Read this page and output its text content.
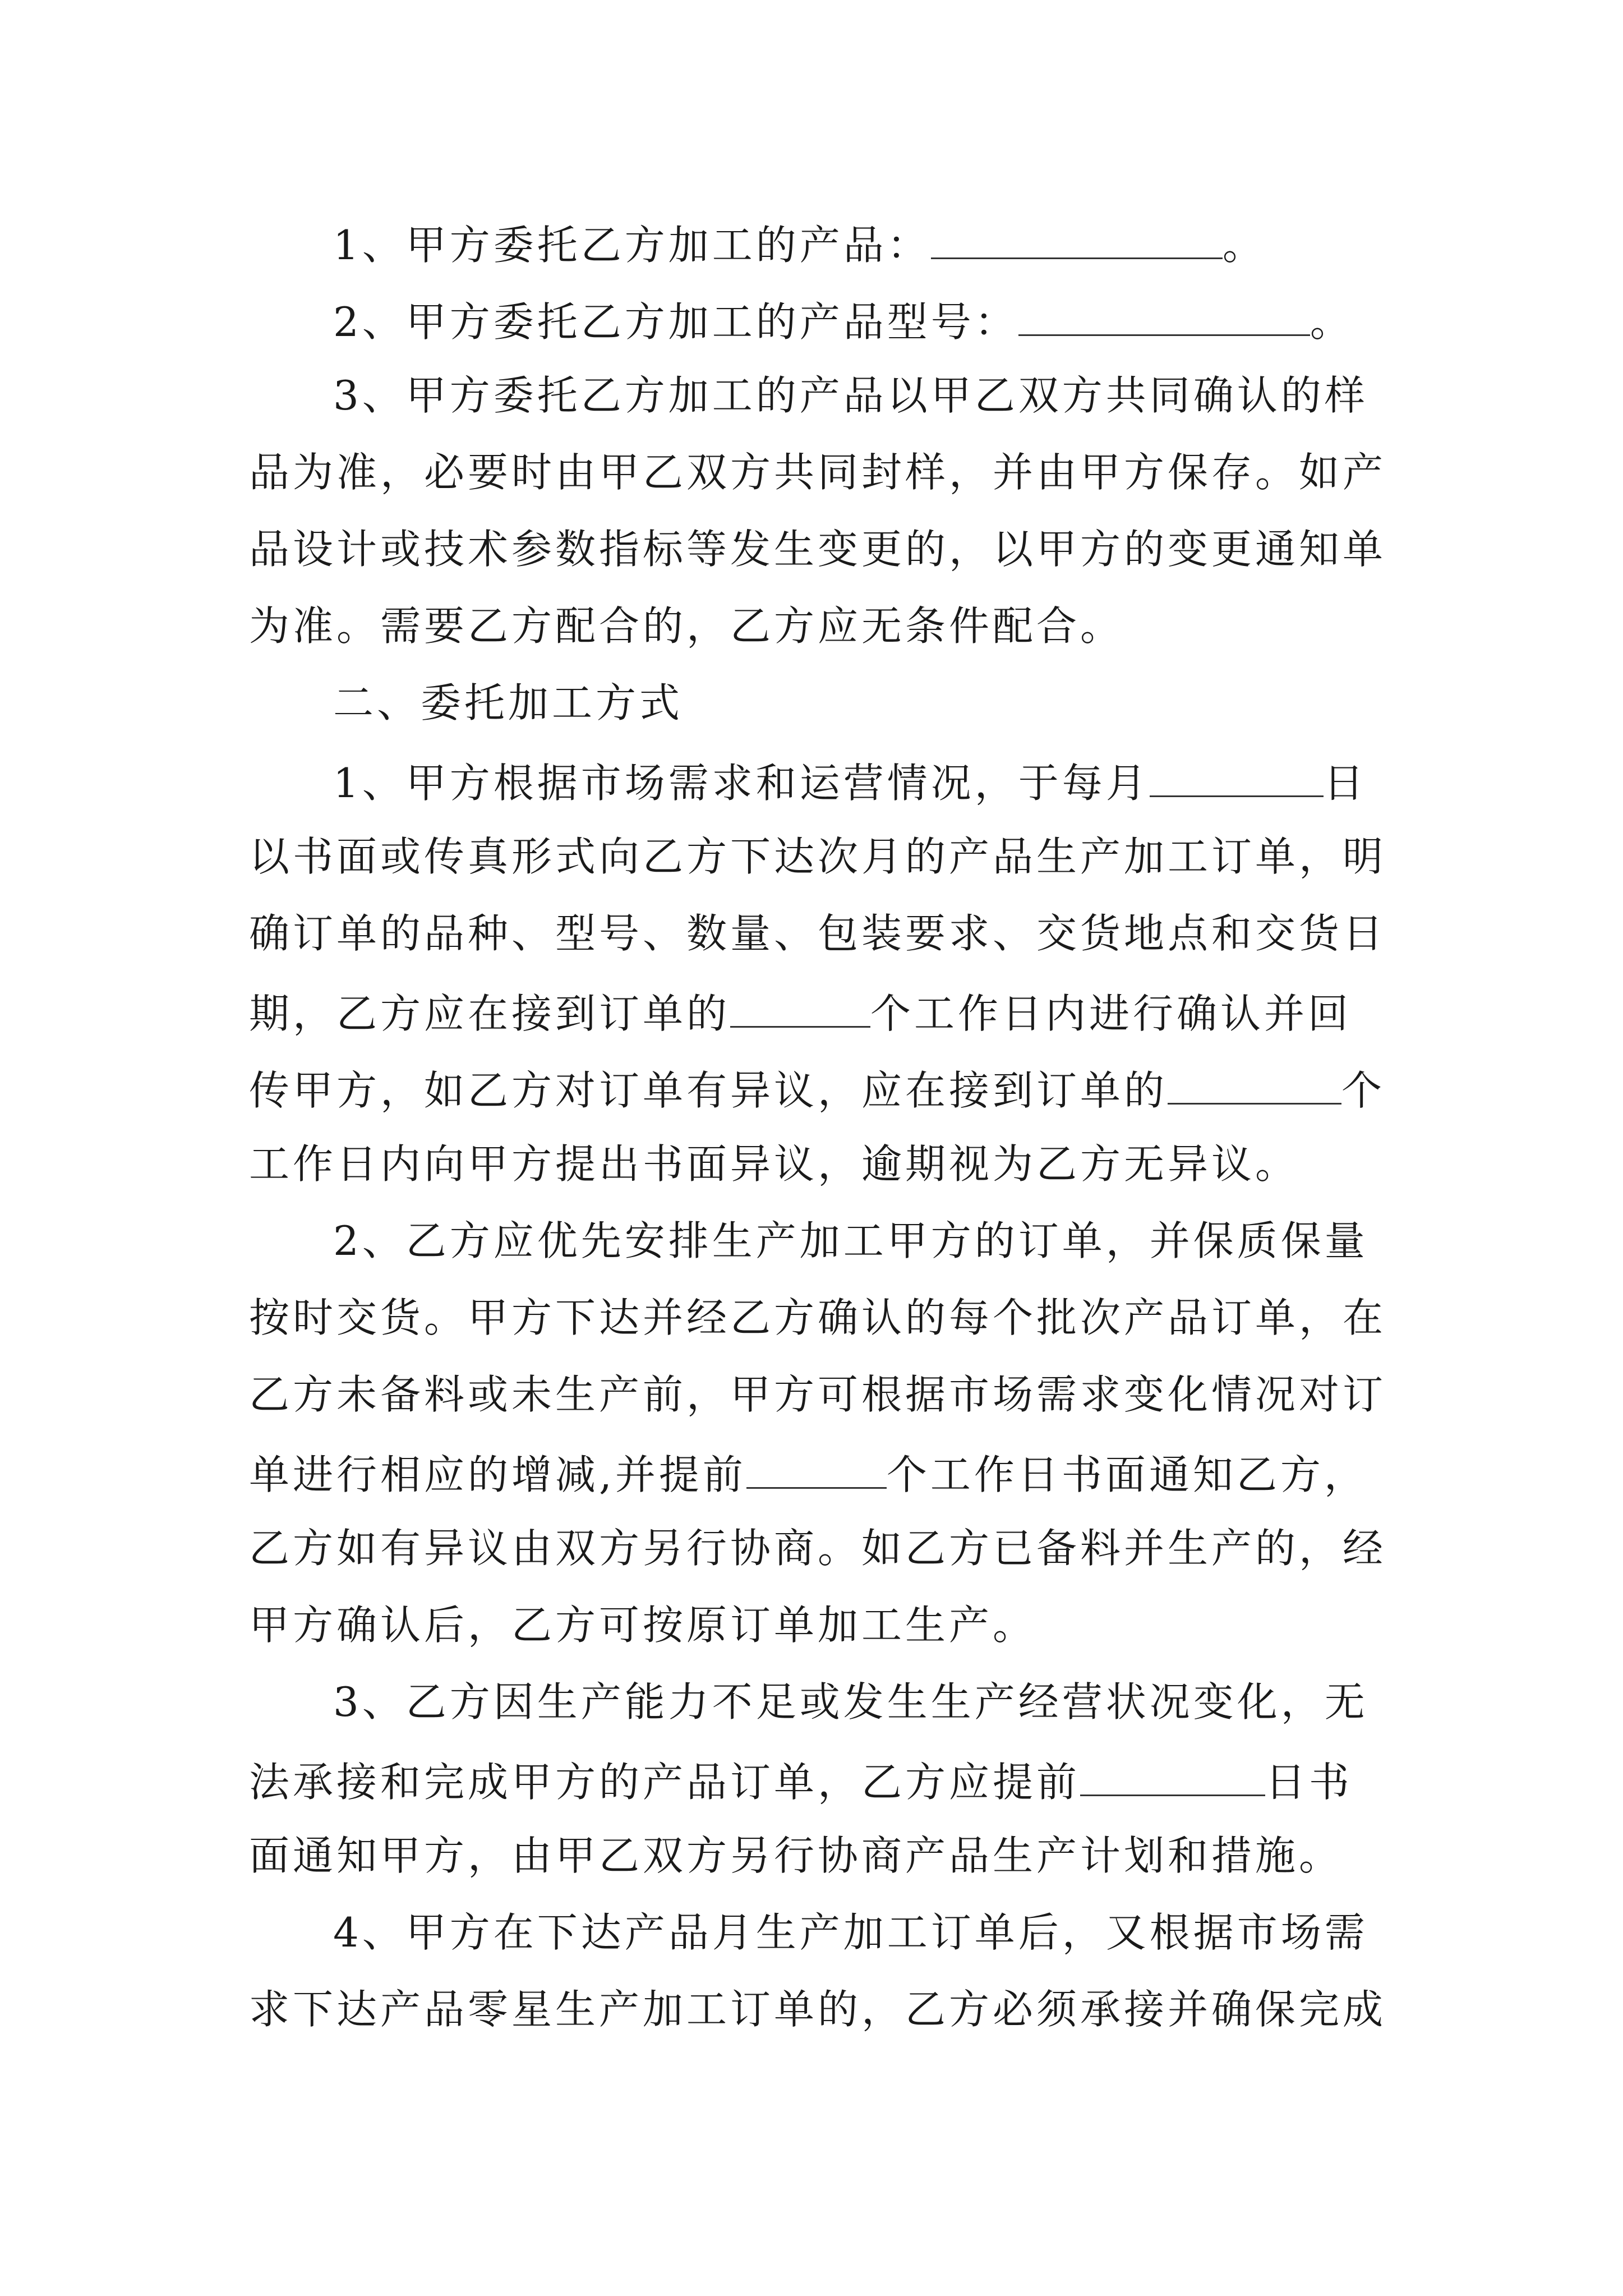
1、甲方委托乙方加工的产品：	。
2、甲方委托乙方加工的产品型号：	。
3、甲方委托乙方加工的产品以甲乙双方共同确认的样
品为准，必要时由甲乙双方共同封样，并由甲方保存。如产
品设计或技术参数指标等发生变更的，以甲方的变更通知单
为准。需要乙方配合的，乙方应无条件配合。
二、委托加工方式
1、甲方根据市场需求和运营情况，于每月	日
以书面或传真形式向乙方下达次月的产品生产加工订单，明
确订单的品种、型号、数量、包装要求、交货地点和交货日
期，乙方应在接到订单的	个工作日内进行确认并回
传甲方，如乙方对订单有异议，应在接到订单的	个
工作日内向甲方提出书面异议，逾期视为乙方无异议。
2、乙方应优先安排生产加工甲方的订单，并保质保量
按时交货。甲方下达并经乙方确认的每个批次产品订单，在
乙方未备料或未生产前，甲方可根据市场需求变化情况对订
单进行相应的增减,并提前	个工作日书面通知乙方，
乙方如有异议由双方另行协商。如乙方已备料并生产的，经
甲方确认后，乙方可按原订单加工生产。
3、乙方因生产能力不足或发生生产经营状况变化，无
法承接和完成甲方的产品订单，乙方应提前	日书
面通知甲方，由甲乙双方另行协商产品生产计划和措施。
4、甲方在下达产品月生产加工订单后，又根据市场需
求下达产品零星生产加工订单的，乙方必须承接并确保完成
